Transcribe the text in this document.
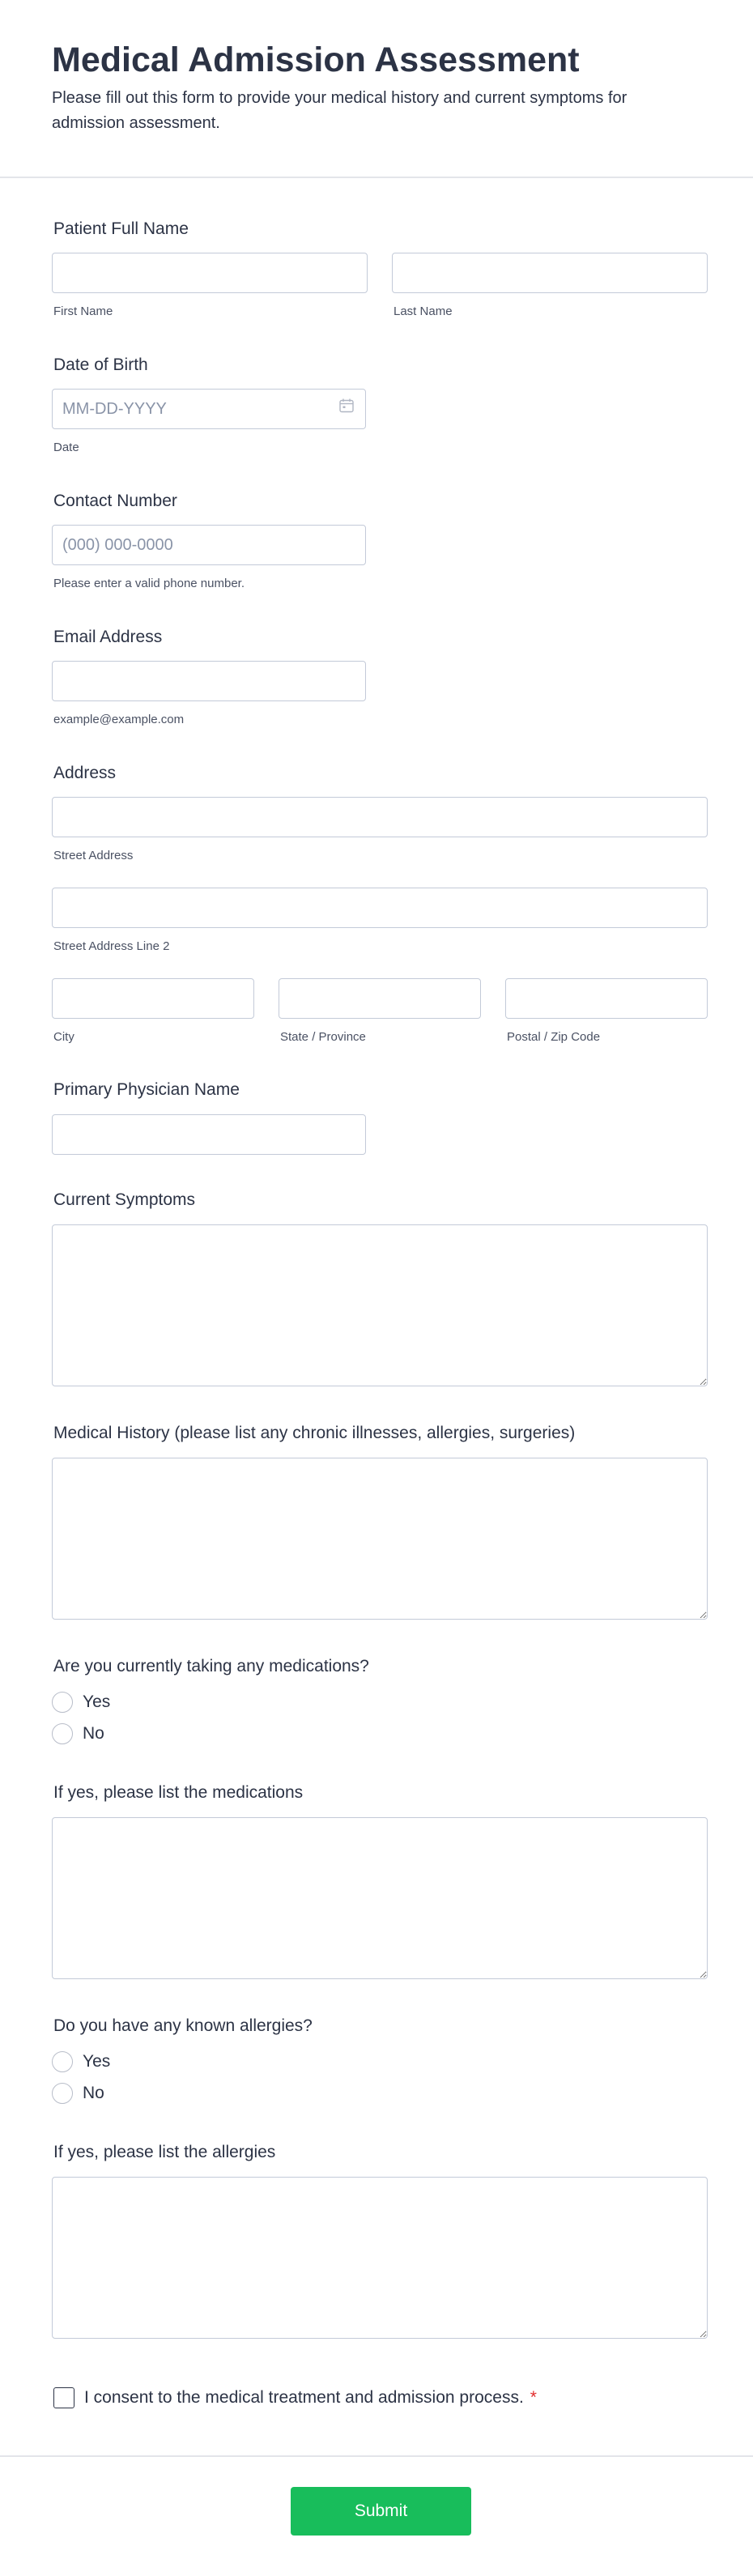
Medical Admission Assessment

Please fill out this form to provide your medical history and current symptoms for admission assessment.

Patient Full Name
First Name	Last Name
Date of Birth
MM-DD-YYYY
Date
Contact Number
(000) 000-0000
Please enter a valid phone number.
Email Address
example@example.com
Address
Street Address
Street Address Line 2
City	State / Province	Postal / Zip Code
Primary Physician Name
Current Symptoms
Medical History (please list any chronic illnesses, allergies, surgeries)
Are you currently taking any medications?
Yes
No
If yes, please list the medications
Do you have any known allergies?
Yes
No
If yes, please list the allergies
I consent to the medical treatment and admission process. *
Submit
